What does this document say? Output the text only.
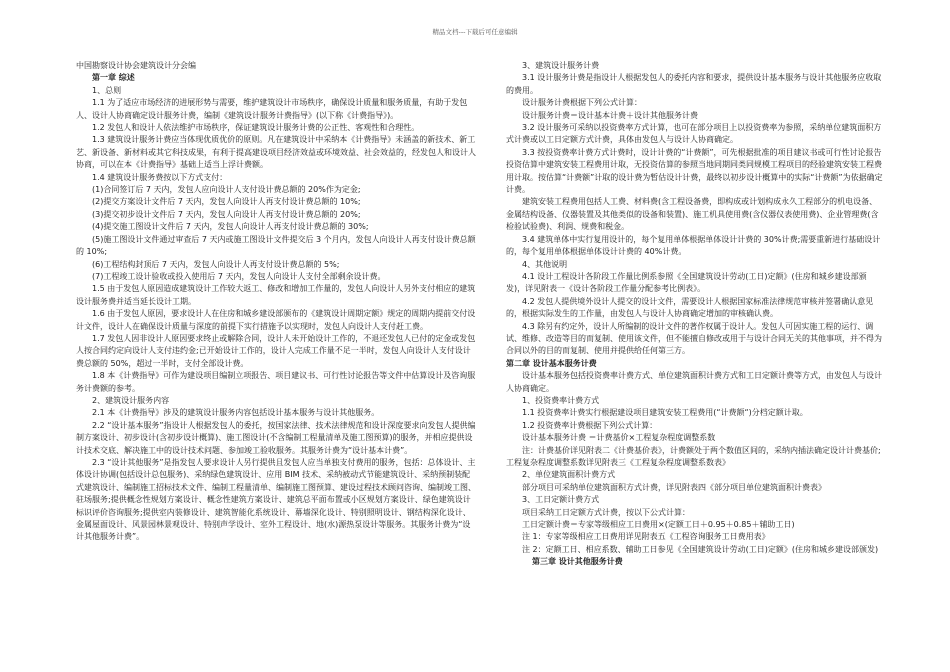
精品文档---下载后可任意编辑

中国勘察设计协会建筑设计分会编

第一章 综述

1、总则

1.1 为了适应市场经济的进展形势与需要，维护建筑设计市场秩序，确保设计质量和服务质量，有助于发包人、设计人协商确定设计服务计费，编制《建筑设计服务计费指导》(以下称《计费指导》)。

1.2 发包人和设计人依法维护市场秩序，保证建筑设计服务计费的公正性、客观性和合理性。

1.3 建筑设计服务计费应当体现优质优价的原则。凡在建筑设计中采纳本《计费指导》未涵盖的新技术、新工艺、新设备、新材料或其它科技成果，有利于提高建设项目经济效益或环境效益、社会效益的，经发包人和设计人协商，可以在本《计费指导》基础上适当上浮计费额。

1.4 建筑设计服务费按以下方式支付：

(1)合同签订后 7 天内，发包人应向设计人支付设计费总额的 20%作为定金;

(2)提交方案设计文件后 7 天内，发包人向设计人再支付设计费总额的 10%;

(3)提交初步设计文件后 7 天内，发包人向设计人再支付设计费总额的 20%;

(4)提交施工图设计文件后 7 天内，发包人向设计人再支付设计费总额的 30%;

(5)施工图设计文件通过审查后 7 天内或施工图设计文件提交后 3 个月内，发包人向设计人再支付设计费总额的 10%;

(6)工程结构封顶后 7 天内，发包人向设计人再支付设计费总额的 5%;

(7)工程竣工设计验收或投入使用后 7 天内，发包人向设计人支付全部剩余设计费。

1.5 由于发包人原因造成建筑设计工作较大返工、修改和增加工作量的，发包人向设计人另外支付相应的建筑设计服务费并适当延长设计工期。

1.6 由于发包人原因，要求设计人在住房和城乡建设部颁布的《建筑设计周期定额》规定的周期内提前交付设计文件，设计人在确保设计质量与深度的前提下实行措施予以实现时，发包人向设计人支付赶工费。

1.7 发包人因非设计人原因要求终止或解除合同，设计人未开始设计工作的，不退还发包人已付的定金或发包人按合同约定向设计人支付违约金;已开始设计工作的，设计人完成工作量不足一半时，发包人向设计人支付设计费总额的 50%，超过一半时，支付全部设计费。

1.8 本《计费指导》可作为建设项目编制立项报告、项目建议书、可行性讨论报告等文件中估算设计及咨询服务计费额的参考。

2、建筑设计服务内容

2.1 本《计费指导》涉及的建筑设计服务内容包括设计基本服务与设计其他服务。

2.2 “设计基本服务”指设计人根据发包人的委托，按国家法律、技术法律规范和设计深度要求向发包人提供编制方案设计、初步设计(含初步设计概算)、施工图设计(不含编制工程量清单及施工图预算)的服务，并相应提供设计技术交底、解决施工中的设计技术问题、参加竣工验收服务。其服务计费为“设计基本计费”。

2.3 “设计其他服务”是指发包人要求设计人另行提供且发包人应当单独支付费用的服务，包括：总体设计、主体设计协调(包括设计总包服务)、采纳绿色建筑设计、应用 BIM 技术、采纳被动式节能建筑设计、采纳预制装配式建筑设计、编制施工招标技术文件、编制工程量清单、编制施工图预算、建设过程技术顾问咨询、编制竣工图、驻场服务;提供概念性规划方案设计、概念性建筑方案设计、建筑总平面布置或小区规划方案设计、绿色建筑设计标识评价咨询服务;提供室内装修设计、建筑智能化系统设计、幕墙深化设计、特别照明设计、钢结构深化设计、金属屋面设计、风景园林景观设计、特别声学设计、室外工程设计、地(水)源热泵设计等服务。其服务计费为“设计其他服务计费”。

3、建筑设计服务计费

3.1 设计服务计费是指设计人根据发包人的委托内容和要求，提供设计基本服务与设计其他服务应收取的费用。

设计服务计费根据下列公式计算：

设计服务计费＝设计基本计费＋设计其他服务计费

3.2 设计服务可采纳以投资费率方式计算，也可在部分项目上以投资费率为参照，采纳单位建筑面积方式计费或以工日定额方式计费，具体由发包人与设计人协商确定。

3.3 按投资费率计费方式计费时，设计计费的“计费额”，可先根据批准的项目建议书或可行性讨论报告投资估算中建筑安装工程费用计取，无投资估算的参照当地同期同类同规模工程项目的经验建筑安装工程费用计取。按估算“计费额”计取的设计费为暂估设计计费，最终以初步设计概算中的实际“计费额”为依据确定计费。

建筑安装工程费用包括人工费、材料费(含工程设备费，即构成或计划构成永久工程部分的机电设备、金属结构设备、仪器装置及其他类似的设备和装置)、施工机具使用费(含仪器仪表使用费)、企业管理费(含检验试验费)、利润、规费和税金。

3.4 建筑单体中实行复用设计的，每个复用单体根据单体设计计费的 30%计费;需要重新进行基础设计的，每个复用单体根据单体设计计费的 40%计费。

4、其他说明

4.1 设计工程设计各阶段工作量比例系参照《全国建筑设计劳动(工日)定额》(住房和城乡建设部颁发)，详见附表一《设计各阶段工作量分配参考比例表》。

4.2 发包人提供境外设计人提交的设计文件，需要设计人根据国家标准法律规范审核并签署确认意见的，根据实际发生的工作量，由发包人与设计人协商确定增加的审核确认费。

4.3 除另有约定外，设计人所编制的设计文件的著作权属于设计人。发包人可因实施工程的运行、调试、维修、改造等目的而复制、使用该文件，但不能擅自修改或用于与设计合同无关的其他事项，并不得为合同以外的目的而复制、使用并提供给任何第三方。

第二章 设计基本服务计费

设计基本服务包括投资费率计费方式、单位建筑面积计费方式和工日定额计费等方式，由发包人与设计人协商确定。

1、投资费率计费方式

1.1 投资费率计费实行根据建设项目建筑安装工程费用(“计费额“)分档定额计取。

1.2 投资费率计费根据下列公式计算：

设计基本服务计费 ＝计费基价×工程复杂程度调整系数

注：计费基价详见附表二《计费基价表》，计费额处于两个数值区间的，采纳内插法确定设计计费基价;工程复杂程度调整系数详见附表三《工程复杂程度调整系数表》

2、单位建筑面积计费方式

部分项目可采纳单位建筑面积方式计费，详见附表四《部分项目单位建筑面积计费表》

3、工日定额计费方式

项目采纳工日定额方式计费，按以下公式计算：

工日定额计费＝专家等级相应工日费用×(定额工日＋0.95＋0.85＋辅助工日)

注 1：专家等级相应工日费用详见附表五《工程咨询服务工日费用表》

注 2：定额工日、相应系数、辅助工日参见《全国建筑设计劳动(工日)定额》(住房和城乡建设部颁发)

第三章 设计其他服务计费
